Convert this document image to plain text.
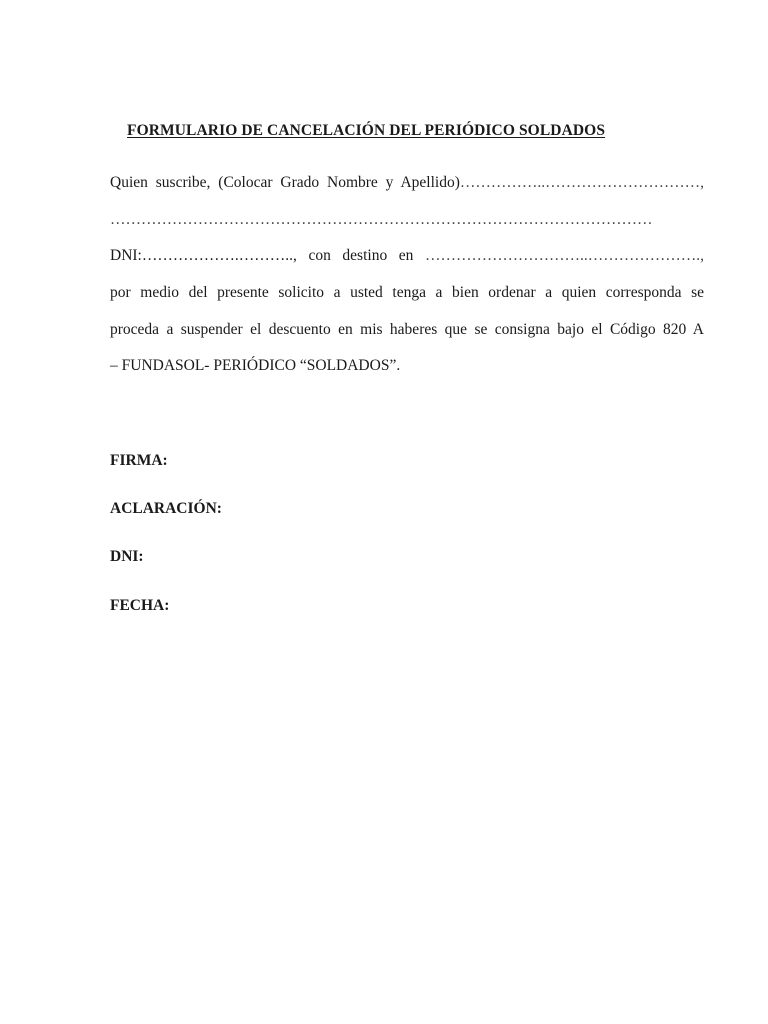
FORMULARIO DE CANCELACIÓN DEL PERIÓDICO SOLDADOS
Quien suscribe, (Colocar Grado Nombre y Apellido)……………..…………………………,
……………………………………………………………………………………………
DNI:……………….……….., con destino en …………………………..………………….,
por medio del presente solicito a usted tenga a bien ordenar a quien corresponda se
proceda a suspender el descuento en mis haberes que se consigna bajo el Código 820 A
– FUNDASOL- PERIÓDICO “SOLDADOS”.
FIRMA:
ACLARACIÓN:
DNI:
FECHA:
